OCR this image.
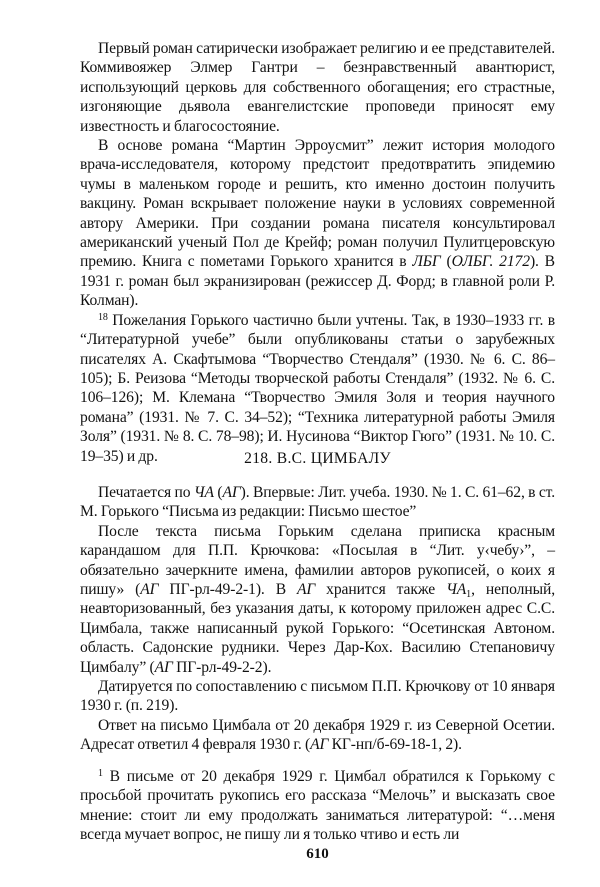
Первый роман сатирически изображает религию и ее представителей. Коммивояжер Элмер Гантри – безнравственный авантюрист, использующий церковь для собственного обогащения; его страстные, изгоняющие дьявола евангелистские проповеди приносят ему известность и благосостояние.

В основе романа “Мартин Эрроусмит” лежит история молодого врача-исследователя, которому предстоит предотвратить эпидемию чумы в маленьком городе и решить, кто именно достоин получить вакцину. Роман вскрывает положение науки в условиях современной автору Америки. При создании романа писателя консультировал американский ученый Пол де Крейф; роман получил Пулитцеровскую премию. Книга с пометами Горького хранится в ЛБГ (ОЛБГ. 2172). В 1931 г. роман был экранизирован (режиссер Д. Форд; в главной роли Р. Колман).

$^{18}$ Пожелания Горького частично были учтены. Так, в 1930–1933 гг. в “Литературной учебе” были опубликованы статьи о зарубежных писателях А. Скафтымова “Творчество Стендаля” (1930. № 6. С. 86–105); Б. Реизова “Методы творческой работы Стендаля” (1932. № 6. С. 106–126); М. Клемана “Творчество Эмиля Золя и теория научного романа” (1931. № 7. С. 34–52); “Техника литературной работы Эмиля Золя” (1931. № 8. С. 78–98); И. Нусинова “Виктор Гюго” (1931. № 10. С. 19–35) и др.	218. В.С. ЦИМБАЛУ

Печатается по ЧА (АГ). Впервые: Лит. учеба. 1930. № 1. С. 61–62, в ст. М. Горького “Письма из редакции: Письмо шестое”

После текста письма Горьким сделана приписка красным карандашом для П.П. Крючкова: «Посылая в “Лит. у‹чебу›”, – обязательно зачеркните имена, фамилии авторов рукописей, о коих я пишу» (АГ ПГ-рл-49-2-1). В АГ хранится также $ЧА_1$, неполный, неавторизованный, без указания даты, к которому приложен адрес С.С. Цимбала, также написанный рукой Горького: “Осетинская Автоном. область. Садонские рудники. Через Дар-Кох. Василию Степановичу Цимбалу” (АГ ПГ-рл-49-2-2).

Датируется по сопоставлению с письмом П.П. Крючкову от 10 января 1930 г. (п. 219).

Ответ на письмо Цимбала от 20 декабря 1929 г. из Северной Осетии. Адресат ответил 4 февраля 1930 г. (АГ КГ-нп/б-69-18-1, 2).

$^1$ В письме от 20 декабря 1929 г. Цимбал обратился к Горькому с просьбой прочитать рукопись его рассказа “Мелочь” и высказать свое мнение: стоит ли ему продолжать заниматься литературой: “…меня всегда мучает вопрос, не пишу ли я только чтиво и есть ли

610
